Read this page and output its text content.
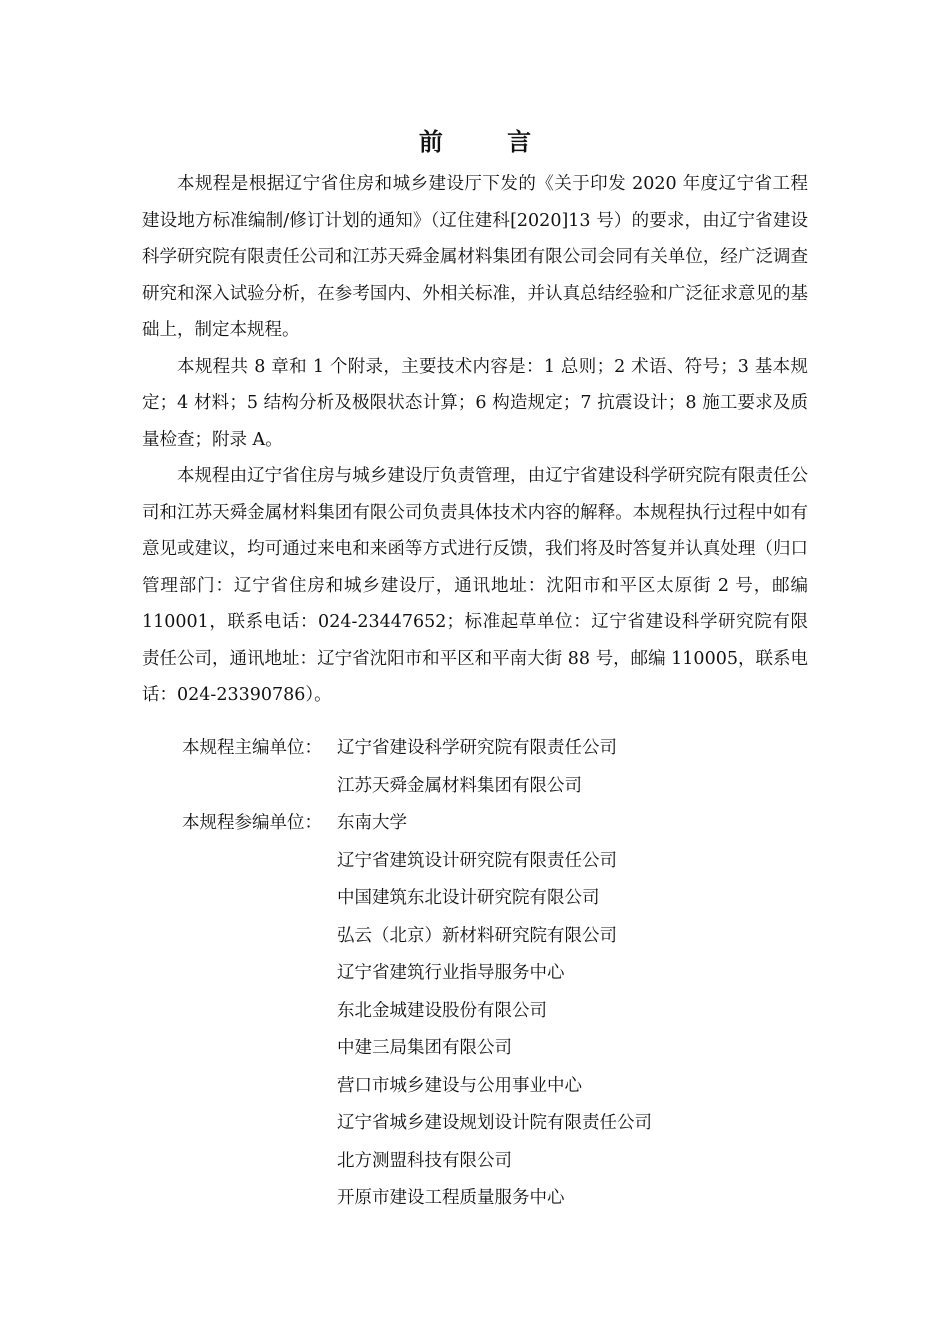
前 言

本规程是根据辽宁省住房和城乡建设厅下发的《关于印发 2020 年度辽宁省工程建设地方标准编制/修订计划的通知》（辽住建科[2020]13 号）的要求，由辽宁省建设科学研究院有限责任公司和江苏天舜金属材料集团有限公司会同有关单位，经广泛调查研究和深入试验分析，在参考国内、外相关标准，并认真总结经验和广泛征求意见的基础上，制定本规程。

本规程共 8 章和 1 个附录，主要技术内容是：1 总则；2 术语、符号；3 基本规定；4 材料；5 结构分析及极限状态计算；6 构造规定；7 抗震设计；8 施工要求及质量检查；附录 A。

本规程由辽宁省住房与城乡建设厅负责管理，由辽宁省建设科学研究院有限责任公司和江苏天舜金属材料集团有限公司负责具体技术内容的解释。本规程执行过程中如有意见或建议，均可通过来电和来函等方式进行反馈，我们将及时答复并认真处理（归口管理部门：辽宁省住房和城乡建设厅，通讯地址：沈阳市和平区太原街 2 号，邮编 110001，联系电话：024-23447652；标准起草单位：辽宁省建设科学研究院有限责任公司，通讯地址：辽宁省沈阳市和平区和平南大街 88 号，邮编 110005，联系电话：024-23390786）。

本规程主编单位： 辽宁省建设科学研究院有限责任公司
江苏天舜金属材料集团有限公司
本规程参编单位： 东南大学
辽宁省建筑设计研究院有限责任公司
中国建筑东北设计研究院有限公司
弘云（北京）新材料研究院有限公司
辽宁省建筑行业指导服务中心
东北金城建设股份有限公司
中建三局集团有限公司
营口市城乡建设与公用事业中心
辽宁省城乡建设规划设计院有限责任公司
北方测盟科技有限公司
开原市建设工程质量服务中心
